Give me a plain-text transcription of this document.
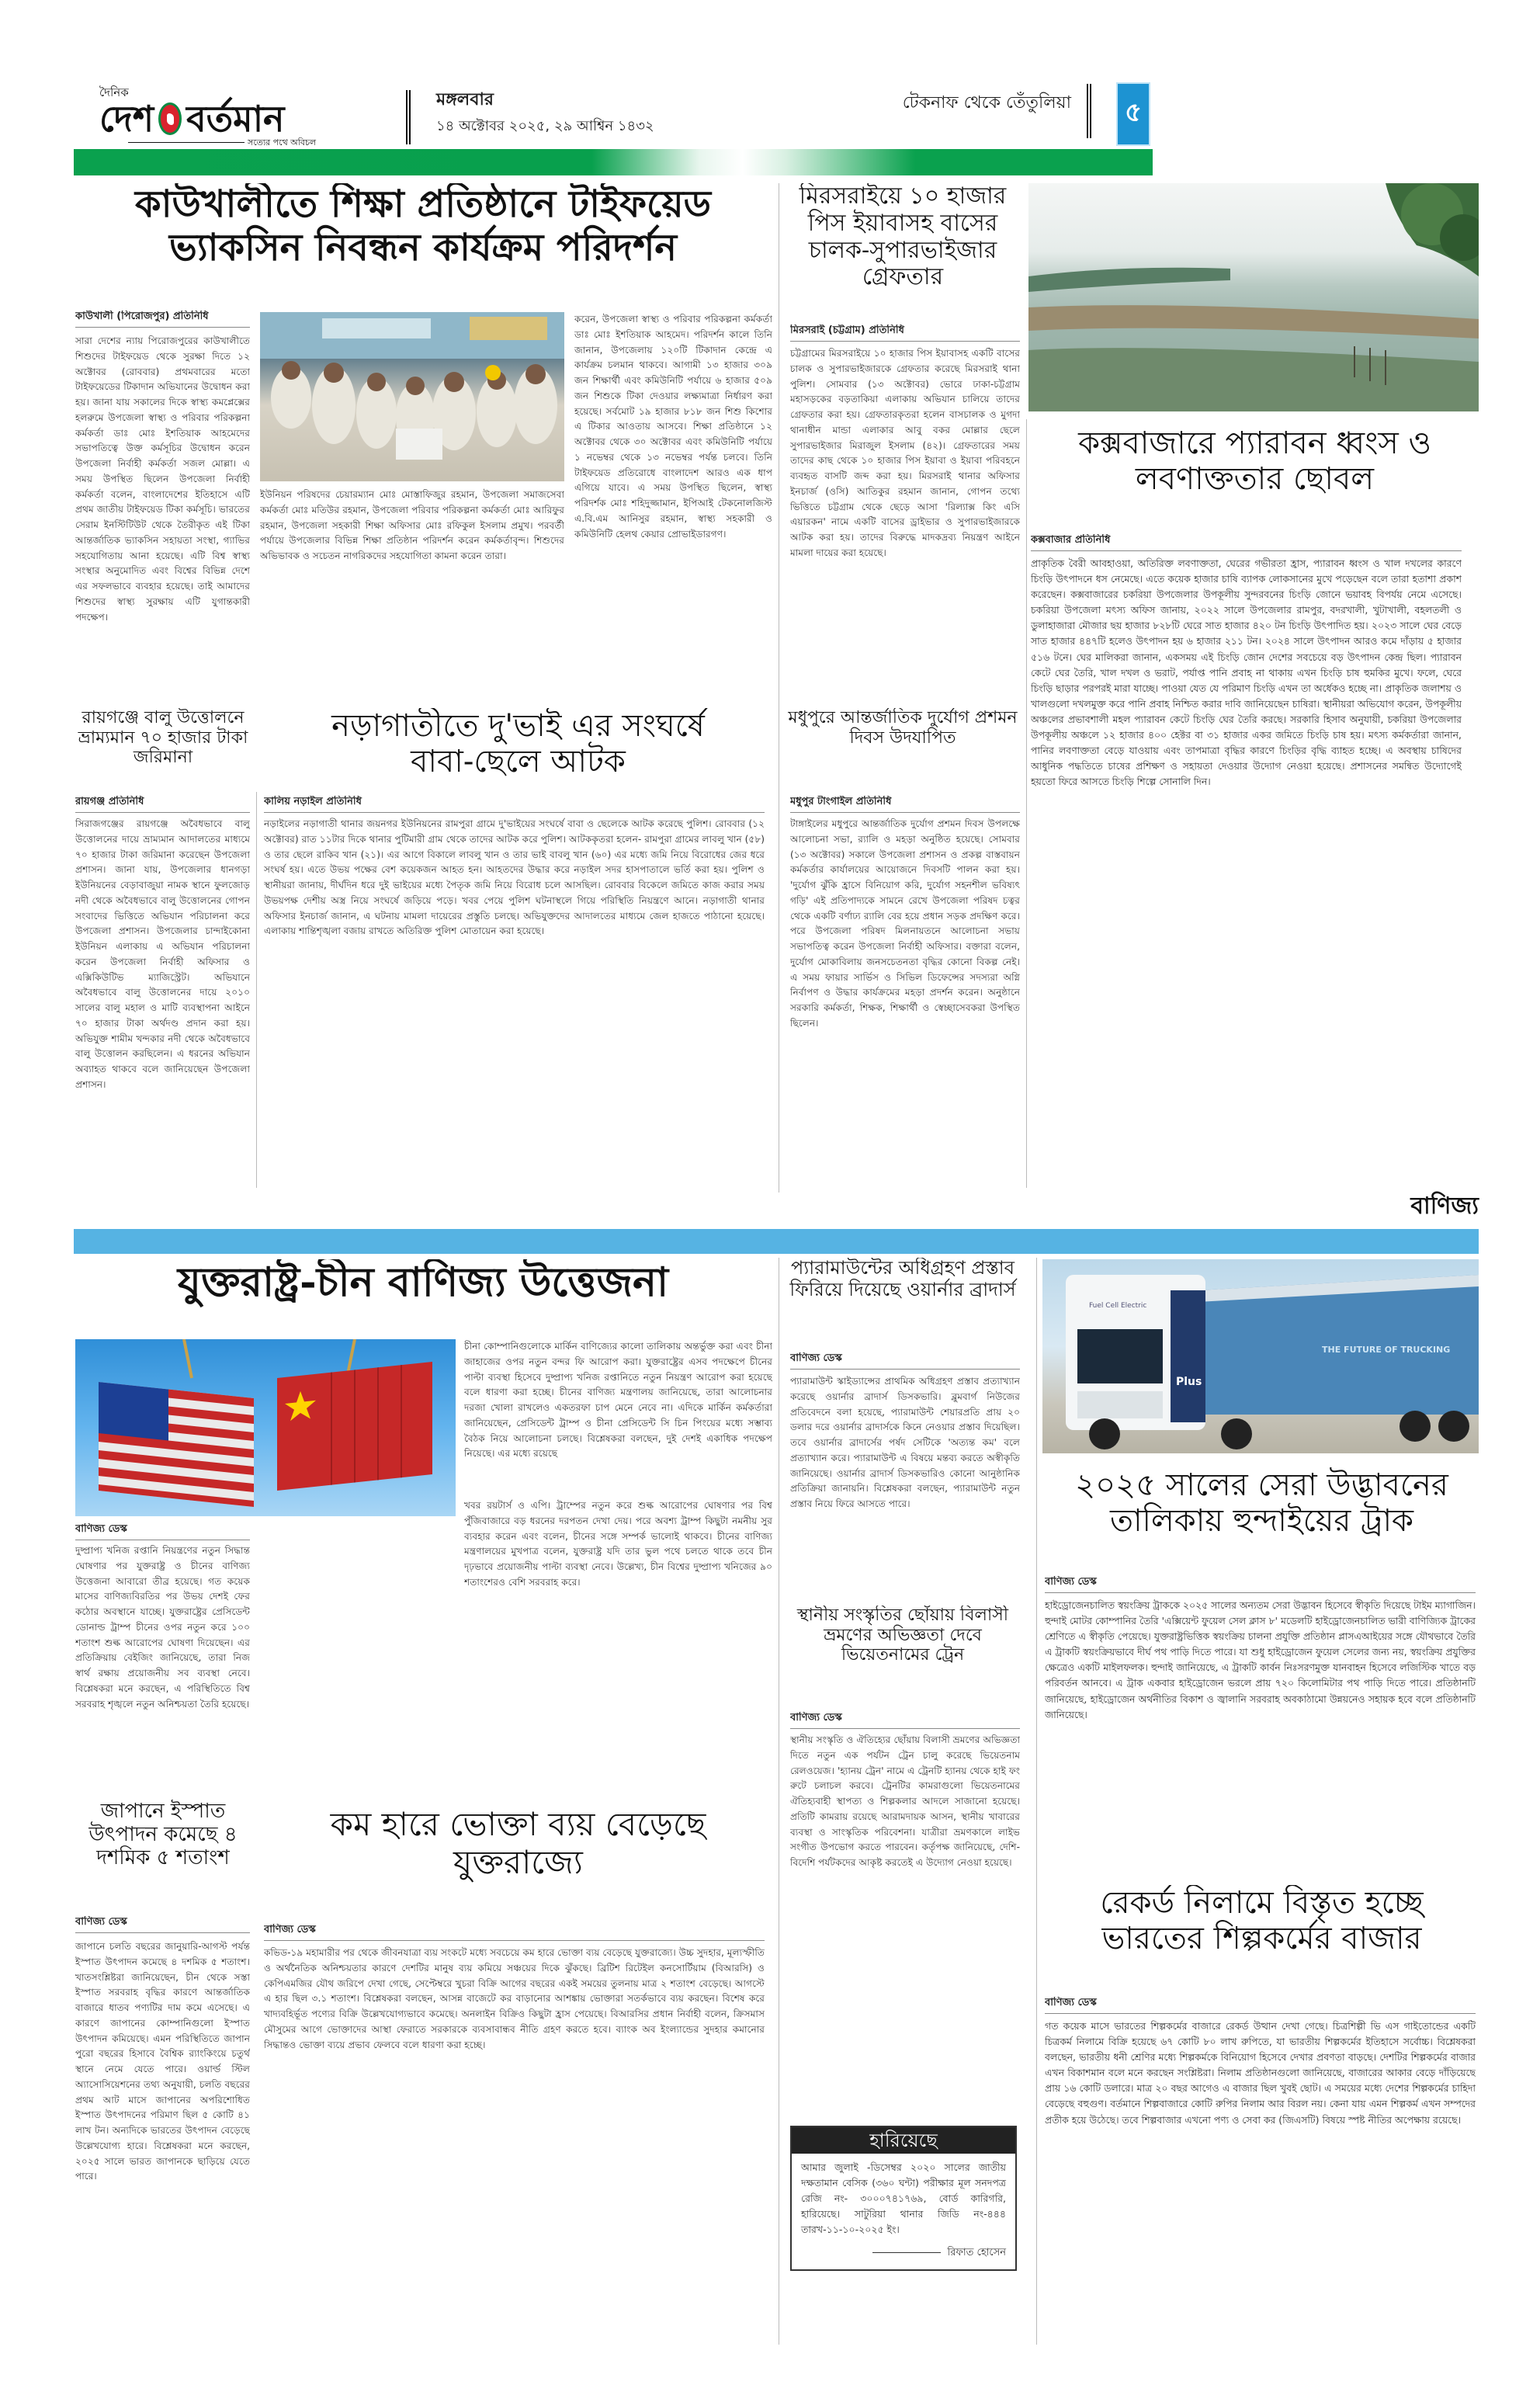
দৈনিক
দেশ বর্তমান
সত্যের পথে অবিচল
মঙ্গলবার
১৪ অক্টোবর ২০২৫, ২৯ আশ্বিন ১৪৩২
টেকনাফ থেকে তেঁতুলিয়া	৫
কাউখালীতে শিক্ষা প্রতিষ্ঠানে টাইফয়েড
ভ্যাকসিন নিবন্ধন কার্যক্রম পরিদর্শন
কাউখালী (পিরোজপুর) প্রতিনিধি
সারা দেশের ন্যায় পিরোজপুরের কাউখালীতে শিশুদের টাইফয়েড থেকে সুরক্ষা দিতে ১২ অক্টোবর (রোববার) প্রথমবারের মতো টাইফয়েডের টিকাদান অভিযানের উদ্বোধন করা হয়। জানা যায় সকালের দিকে স্বাস্থ্য কমপ্লেক্সের হলরুমে উপজেলা স্বাস্থ্য ও পরিবার পরিকল্পনা কর্মকর্তা ডাঃ মোঃ ইশতিয়াক আহমেদের সভাপতিত্বে উক্ত কর্মসূচির উদ্বোধন করেন উপজেলা নির্বাহী কর্মকর্তা সজল মোল্লা। এ সময় উপস্থিত ছিলেন উপজেলা নির্বাহী কর্মকর্তা বলেন, বাংলাদেশের ইতিহাসে এটি প্রথম জাতীয় টাইফয়েড টিকা কর্মসূচি। ভারতের সেরাম ইনস্টিটিউট থেকে তৈরীকৃত এই টিকা আন্তর্জাতিক ভ্যাকসিন সহায়তা সংস্থা, গ্যাভির সহযোগিতায় আনা হয়েছে। এটি বিশ্ব স্বাস্থ্য সংস্থার অনুমোদিত এবং বিশ্বের বিভিন্ন দেশে এর সফলভাবে ব্যবহার হয়েছে। তাই আমাদের শিশুদের স্বাস্থ্য সুরক্ষায় এটি যুগান্তকারী পদক্ষেপ।
ইউনিয়ন পরিষদের চেয়ারম্যান মোঃ মোস্তাফিজুর রহমান, উপজেলা সমাজসেবা কর্মকর্তা মোঃ মতিউর রহমান, উপজেলা পরিবার পরিকল্পনা কর্মকর্তা মোঃ আরিফুর রহমান, উপজেলা সহকারী শিক্ষা অফিসার মোঃ রফিকুল ইসলাম প্রমুখ। পরবর্তী পর্যায়ে উপজেলার বিভিন্ন শিক্ষা প্রতিষ্ঠান পরিদর্শন করেন কর্মকর্তাবৃন্দ। শিশুদের অভিভাবক ও সচেতন নাগরিকদের সহযোগিতা কামনা করেন তারা।
করেন, উপজেলা স্বাস্থ্য ও পরিবার পরিকল্পনা কর্মকর্তা ডাঃ মোঃ ইশতিয়াক আহমেদ। পরিদর্শন কালে তিনি জানান, উপজেলায় ১২০টি টিকাদান কেন্দ্রে এ কার্যক্রম চলমান থাকবে। আগামী ১৩ হাজার ৩০৯ জন শিক্ষার্থী এবং কমিউনিটি পর্যায়ে ৬ হাজার ৫০৯ জন শিশুকে টিকা দেওয়ার লক্ষ্যমাত্রা নির্ধারণ করা হয়েছে। সর্বমোট ১৯ হাজার ৮১৮ জন শিশু কিশোর এ টিকার আওতায় আসবে। শিক্ষা প্রতিষ্ঠানে ১২ অক্টোবর থেকে ৩০ অক্টোবর এবং কমিউনিটি পর্যায়ে ১ নভেম্বর থেকে ১৩ নভেম্বর পর্যন্ত চলবে। তিনি টাইফয়েড প্রতিরোধে বাংলাদেশ আরও এক ধাপ এগিয়ে যাবে। এ সময় উপস্থিত ছিলেন, স্বাস্থ্য পরিদর্শক মোঃ শহিদুজ্জামান, ইপিআই টেকনোলজিস্ট এ.বি.এম আনিসুর রহমান, স্বাস্থ্য সহকারী ও কমিউনিটি হেলথ কেয়ার প্রোভাইডারগণ।
মিরসরাইয়ে ১০ হাজার পিস ইয়াবাসহ বাসের চালক-সুপারভাইজার গ্রেফতার
মিরসরাই (চট্টগ্রাম) প্রতিনিধি
চট্টগ্রামের মিরসরাইয়ে ১০ হাজার পিস ইয়াবাসহ একটি বাসের চালক ও সুপারভাইজারকে গ্রেফতার করেছে মিরসরাই থানা পুলিশ। সোমবার (১৩ অক্টোবর) ভোরে ঢাকা-চট্টগ্রাম মহাসড়কের বড়তাকিয়া এলাকায় অভিযান চালিয়ে তাদের গ্রেফতার করা হয়। গ্রেফতারকৃতরা হলেন বাসচালক ও মুগদা থানাধীন মান্ডা এলাকার আবু বকর মোল্লার ছেলে সুপারভাইজার মিরাজুল ইসলাম (৪২)। গ্রেফতারের সময় তাদের কাছ থেকে ১০ হাজার পিস ইয়াবা ও ইয়াবা পরিবহনে ব্যবহৃত বাসটি জব্দ করা হয়। মিরসরাই থানার অফিসার ইনচার্জ (ওসি) আতিকুর রহমান জানান, গোপন তথ্যে ভিত্তিতে চট্টগ্রাম থেকে ছেড়ে আসা 'রিল্যাক্স কিং এসি এয়ারকন' নামে একটি বাসের ড্রাইভার ও সুপারভাইজারকে আটক করা হয়। তাদের বিরুদ্ধে মাদকদ্রব্য নিয়ন্ত্রণ আইনে মামলা দায়ের করা হয়েছে।
কক্সবাজারে প্যারাবন ধ্বংস ও লবণাক্ততার ছোবল
কক্সবাজার প্রতিনিধি
প্রাকৃতিক বৈরী আবহাওয়া, অতিরিক্ত লবণাক্ততা, ঘেরের গভীরতা হ্রাস, প্যারাবন ধ্বংস ও খাল দখলের কারণে চিংড়ি উৎপাদনে ধস নেমেছে। এতে কয়েক হাজার চাষি ব্যাপক লোকসানের মুখে পড়েছেন বলে তারা হতাশা প্রকাশ করেছেন। কক্সবাজারের চকরিয়া উপজেলার উপকূলীয় সুন্দরবনের চিংড়ি জোনে ভয়াবহ বিপর্যয় নেমে এসেছে। চকরিয়া উপজেলা মৎস্য অফিস জানায়, ২০২২ সালে উপজেলার রামপুর, বদরখালী, খুটাখালী, বহলতলী ও ডুলাহাজারা মৌজার ছয় হাজার ৮২৮টি ঘেরে সাত হাজার ৪২০ টন চিংড়ি উৎপাদিত হয়। ২০২৩ সালে ঘের বেড়ে সাত হাজার ৪৪৭টি হলেও উৎপাদন হয় ৬ হাজার ২১১ টন। ২০২৪ সালে উৎপাদন আরও কমে দাঁড়ায় ৫ হাজার ৫১৬ টনে। ঘের মালিকরা জানান, একসময় এই চিংড়ি জোন দেশের সবচেয়ে বড় উৎপাদন কেন্দ্র ছিল। প্যারাবন কেটে ঘের তৈরি, খাল দখল ও ভরাট, পর্যাপ্ত পানি প্রবাহ না থাকায় এখন চিংড়ি চাষ হুমকির মুখে। ফলে, ঘেরে চিংড়ি ছাড়ার পরপরই মারা যাচ্ছে। পাওয়া যেত যে পরিমাণ চিংড়ি এখন তা অর্ধেকও হচ্ছে না। প্রাকৃতিক জলাশয় ও খালগুলো দখলমুক্ত করে পানি প্রবাহ নিশ্চিত করার দাবি জানিয়েছেন চাষিরা। স্থানীয়রা অভিযোগ করেন, উপকূলীয় অঞ্চলের প্রভাবশালী মহল প্যারাবন কেটে চিংড়ি ঘের তৈরি করছে। সরকারি হিসাব অনুযায়ী, চকরিয়া উপজেলার উপকূলীয় অঞ্চলে ১২ হাজার ৪০০ হেক্টর বা ৩১ হাজার একর জমিতে চিংড়ি চাষ হয়। মৎস্য কর্মকর্তারা জানান, পানির লবণাক্ততা বেড়ে যাওয়ায় এবং তাপমাত্রা বৃদ্ধির কারণে চিংড়ির বৃদ্ধি ব্যাহত হচ্ছে। এ অবস্থায় চাষিদের আধুনিক পদ্ধতিতে চাষের প্রশিক্ষণ ও সহায়তা দেওয়ার উদ্যোগ নেওয়া হয়েছে। প্রশাসনের সমন্বিত উদ্যোগেই হয়তো ফিরে আসতে চিংড়ি শিল্পে সোনালি দিন।
রায়গঞ্জে বালু উত্তোলনে ভ্রাম্যমান ৭০ হাজার টাকা জরিমানা
রায়গঞ্জ প্রতিনিধি
সিরাজগঞ্জের রায়গঞ্জে অবৈধভাবে বালু উত্তোলনের দায়ে ভ্রাম্যমান আদালতের মাধ্যমে ৭০ হাজার টাকা জরিমানা করেছেন উপজেলা প্রশাসন। জানা যায়, উপজেলার ধানগড়া ইউনিয়নের বেড়াবাজুয়া নামক স্থানে ফুলজোড় নদী থেকে অবৈধভাবে বালু উত্তোলনের গোপন সংবাদের ভিত্তিতে অভিযান পরিচালনা করে উপজেলা প্রশাসন। উপজেলার চান্দাইকোনা ইউনিয়ন এলাকায় এ অভিযান পরিচালনা করেন উপজেলা নির্বাহী অফিসার ও এক্সিকিউটিভ ম্যাজিস্ট্রেট। অভিযানে অবৈধভাবে বালু উত্তোলনের দায়ে ২০১০ সালের বালু মহাল ও মাটি ব্যবস্থাপনা আইনে ৭০ হাজার টাকা অর্থদণ্ড প্রদান করা হয়। অভিযুক্ত শামীম খন্দকার নদী থেকে অবৈধভাবে বালু উত্তোলন করছিলেন। এ ধরনের অভিযান অব্যাহত থাকবে বলে জানিয়েছেন উপজেলা প্রশাসন।
নড়াগাতীতে দু'ভাই এর সংঘর্ষে
বাবা-ছেলে আটক
কালিয় নড়াইল প্রতিনিধি
নড়াইলের নড়াগাতী থানার জয়নগর ইউনিয়নের রামপুরা গ্রামে দু'ভাইয়ের সংঘর্ষে বাবা ও ছেলেকে আটক করেছে পুলিশ। রোববার (১২ অক্টোবর) রাত ১১টার দিকে থানার পুটিমারী গ্রাম থেকে তাদের আটক করে পুলিশ। আটককৃতরা হলেন- রামপুরা গ্রামের লাবলু খান (৫৮) ও তার ছেলে রাকিব খান (২১)। এর আগে বিকালে লাবলু খান ও তার ভাই বাবলু খান (৬০) এর মধ্যে জমি নিয়ে বিরোধের জের ধরে সংঘর্ষ হয়। এতে উভয় পক্ষের বেশ কয়েকজন আহত হন। আহতদের উদ্ধার করে নড়াইল সদর হাসপাতালে ভর্তি করা হয়। পুলিশ ও স্থানীয়রা জানায়, দীর্ঘদিন ধরে দুই ভাইয়ের মধ্যে পৈতৃক জমি নিয়ে বিরোধ চলে আসছিল। রোববার বিকেলে জমিতে কাজ করার সময় উভয়পক্ষ দেশীয় অস্ত্র নিয়ে সংঘর্ষে জড়িয়ে পড়ে। খবর পেয়ে পুলিশ ঘটনাস্থলে গিয়ে পরিস্থিতি নিয়ন্ত্রণে আনে। নড়াগাতী থানার অফিসার ইনচার্জ জানান, এ ঘটনায় মামলা দায়েরের প্রস্তুতি চলছে। অভিযুক্তদের আদালতের মাধ্যমে জেল হাজতে পাঠানো হয়েছে। এলাকায় শান্তিশৃঙ্খলা বজায় রাখতে অতিরিক্ত পুলিশ মোতায়েন করা হয়েছে।
মধুপুরে আন্তর্জাতিক দুর্যোগ প্রশমন দিবস উদযাপিত
মধুপুর টাংগাইল প্রতিনিধি
টাঙ্গাইলের মধুপুরে আন্তর্জাতিক দুর্যোগ প্রশমন দিবস উপলক্ষে আলোচনা সভা, র‍্যালি ও মহড়া অনুষ্ঠিত হয়েছে। সোমবার (১৩ অক্টোবর) সকালে উপজেলা প্রশাসন ও প্রকল্প বাস্তবায়ন কর্মকর্তার কার্যালয়ের আয়োজনে দিবসটি পালন করা হয়। 'দুর্যোগ ঝুঁকি হ্রাসে বিনিয়োগ করি, দুর্যোগ সহনশীল ভবিষ্যৎ গড়ি' এই প্রতিপাদ্যকে সামনে রেখে উপজেলা পরিষদ চত্বর থেকে একটি বর্ণাঢ্য র‍্যালি বের হয়ে প্রধান সড়ক প্রদক্ষিণ করে। পরে উপজেলা পরিষদ মিলনায়তনে আলোচনা সভায় সভাপতিত্ব করেন উপজেলা নির্বাহী অফিসার। বক্তারা বলেন, দুর্যোগ মোকাবিলায় জনসচেতনতা বৃদ্ধির কোনো বিকল্প নেই। এ সময় ফায়ার সার্ভিস ও সিভিল ডিফেন্সের সদস্যরা অগ্নি নির্বাপণ ও উদ্ধার কার্যক্রমের মহড়া প্রদর্শন করেন। অনুষ্ঠানে সরকারি কর্মকর্তা, শিক্ষক, শিক্ষার্থী ও স্বেচ্ছাসেবকরা উপস্থিত ছিলেন।
বাণিজ্য
যুক্তরাষ্ট্র-চীন বাণিজ্য উত্তেজনা
চীনা কোম্পানিগুলোকে মার্কিন বাণিজ্যের কালো তালিকায় অন্তর্ভুক্ত করা এবং চীনা জাহাজের ওপর নতুন বন্দর ফি আরোপ করা। যুক্তরাষ্ট্রের এসব পদক্ষেপে চীনের পাল্টা ব্যবস্থা হিসেবে দুষ্প্রাপ্য খনিজ রপ্তানিতে নতুন নিয়ন্ত্রণ আরোপ করা হয়েছে বলে ধারণা করা হচ্ছে। চীনের বাণিজ্য মন্ত্রণালয় জানিয়েছে, তারা আলোচনার দরজা খোলা রাখলেও একতরফা চাপ মেনে নেবে না। এদিকে মার্কিন কর্মকর্তারা জানিয়েছেন, প্রেসিডেন্ট ট্রাম্প ও চীনা প্রেসিডেন্ট সি চিন পিংয়ের মধ্যে সম্ভাব্য বৈঠক নিয়ে আলোচনা চলছে। বিশ্লেষকরা বলছেন, দুই দেশই একাধিক পদক্ষেপ নিয়েছে। এর মধ্যে রয়েছে
বাণিজ্য ডেস্ক
দুষ্প্রাপ্য খনিজ রপ্তানি নিয়ন্ত্রণের নতুন সিদ্ধান্ত ঘোষণার পর যুক্তরাষ্ট্র ও চীনের বাণিজ্য উত্তেজনা আবারো তীব্র হয়েছে। গত কয়েক মাসের বাণিজ্যবিরতির পর উভয় দেশই ফের কঠোর অবস্থানে যাচ্ছে। যুক্তরাষ্ট্রের প্রেসিডেন্ট ডোনাল্ড ট্রাম্প চীনের ওপর নতুন করে ১০০ শতাংশ শুল্ক আরোপের ঘোষণা দিয়েছেন। এর প্রতিক্রিয়ায় বেইজিং জানিয়েছে, তারা নিজ স্বার্থ রক্ষায় প্রয়োজনীয় সব ব্যবস্থা নেবে। বিশ্লেষকরা মনে করছেন, এ পরিস্থিতিতে বিশ্ব সরবরাহ শৃঙ্খলে নতুন অনিশ্চয়তা তৈরি হয়েছে।
খবর রয়টার্স ও এপি। ট্রাম্পের নতুন করে শুল্ক আরোপের ঘোষণার পর বিশ্ব পুঁজিবাজারে বড় ধরনের দরপতন দেখা দেয়। পরে অবশ্য ট্রাম্প কিছুটা নমনীয় সুর ব্যবহার করেন এবং বলেন, চীনের সঙ্গে সম্পর্ক ভালোই থাকবে। চীনের বাণিজ্য মন্ত্রণালয়ের মুখপাত্র বলেন, যুক্তরাষ্ট্র যদি তার ভুল পথে চলতে থাকে তবে চীন দৃঢ়ভাবে প্রয়োজনীয় পাল্টা ব্যবস্থা নেবে। উল্লেখ্য, চীন বিশ্বের দুষ্প্রাপ্য খনিজের ৯০ শতাংশেরও বেশি সরবরাহ করে।
প্যারামাউন্টের অধিগ্রহণ প্রস্তাব ফিরিয়ে দিয়েছে ওয়ার্নার ব্রাদার্স
বাণিজ্য ডেস্ক
প্যারামাউন্ট স্কাইড্যান্সের প্রাথমিক অধিগ্রহণ প্রস্তাব প্রত্যাখ্যান করেছে ওয়ার্নার ব্রাদার্স ডিসকভারি। ব্লুমবার্গ নিউজের প্রতিবেদনে বলা হয়েছে, প্যারামাউন্ট শেয়ারপ্রতি প্রায় ২০ ডলার দরে ওয়ার্নার ব্রাদার্সকে কিনে নেওয়ার প্রস্তাব দিয়েছিল। তবে ওয়ার্নার ব্রাদার্সের পর্ষদ সেটিকে 'অত্যন্ত কম' বলে প্রত্যাখ্যান করে। প্যারামাউন্ট এ বিষয়ে মন্তব্য করতে অস্বীকৃতি জানিয়েছে। ওয়ার্নার ব্রাদার্স ডিসকভারিও কোনো আনুষ্ঠানিক প্রতিক্রিয়া জানায়নি। বিশ্লেষকরা বলছেন, প্যারামাউন্ট নতুন প্রস্তাব নিয়ে ফিরে আসতে পারে।
Plus
Fuel Cell Electric
THE FUTURE OF TRUCKING
২০২৫ সালের সেরা উদ্ভাবনের তালিকায় হুন্দাইয়ের ট্রাক
বাণিজ্য ডেস্ক
হাইড্রোজেনচালিত স্বয়ংক্রিয় ট্রাককে ২০২৫ সালের অন্যতম সেরা উদ্ভাবন হিসেবে স্বীকৃতি দিয়েছে টাইম ম্যাগাজিন। হুন্দাই মোটর কোম্পানির তৈরি 'এক্সিয়েন্ট ফুয়েল সেল ক্লাস ৮' মডেলটি হাইড্রোজেনচালিত ভারী বাণিজ্যিক ট্রাকের শ্রেণিতে এ স্বীকৃতি পেয়েছে। যুক্তরাষ্ট্রভিত্তিক স্বয়ংক্রিয় চালনা প্রযুক্তি প্রতিষ্ঠান প্লাসএআইয়ের সঙ্গে যৌথভাবে তৈরি এ ট্রাকটি স্বয়ংক্রিয়ভাবে দীর্ঘ পথ পাড়ি দিতে পারে। যা শুধু হাইড্রোজেন ফুয়েল সেলের জন্য নয়, স্বয়ংক্রিয় প্রযুক্তির ক্ষেত্রেও একটি মাইলফলক। হুন্দাই জানিয়েছে, এ ট্রাকটি কার্বন নিঃসরণমুক্ত যানবাহন হিসেবে লজিস্টিক খাতে বড় পরিবর্তন আনবে। এ ট্রাক একবার হাইড্রোজেন ভরলে প্রায় ৭২০ কিলোমিটার পথ পাড়ি দিতে পারে। প্রতিষ্ঠানটি জানিয়েছে, হাইড্রোজেন অর্থনীতির বিকাশ ও জ্বালানি সরবরাহ অবকাঠামো উন্নয়নেও সহায়ক হবে বলে প্রতিষ্ঠানটি জানিয়েছে।
স্থানীয় সংস্কৃতির ছোঁয়ায় বিলাসী ভ্রমণের অভিজ্ঞতা দেবে ভিয়েতনামের ট্রেন
বাণিজ্য ডেস্ক
স্থানীয় সংস্কৃতি ও ঐতিহ্যের ছোঁয়ায় বিলাসী ভ্রমণের অভিজ্ঞতা দিতে নতুন এক পর্যটন ট্রেন চালু করেছে ভিয়েতনাম রেলওয়েজ। 'হ্যানয় ট্রেন' নামে এ ট্রেনটি হ্যানয় থেকে হাই ফং রুটে চলাচল করবে। ট্রেনটির কামরাগুলো ভিয়েতনামের ঐতিহ্যবাহী স্থাপত্য ও শিল্পকলার আদলে সাজানো হয়েছে। প্রতিটি কামরায় রয়েছে আরামদায়ক আসন, স্থানীয় খাবারের ব্যবস্থা ও সাংস্কৃতিক পরিবেশনা। যাত্রীরা ভ্রমণকালে লাইভ সংগীত উপভোগ করতে পারবেন। কর্তৃপক্ষ জানিয়েছে, দেশি-বিদেশি পর্যটকদের আকৃষ্ট করতেই এ উদ্যোগ নেওয়া হয়েছে।
জাপানে ইস্পাত উৎপাদন কমেছে ৪ দশমিক ৫ শতাংশ
বাণিজ্য ডেস্ক
জাপানে চলতি বছরের জানুয়ারি-আগস্ট পর্যন্ত ইস্পাত উৎপাদন কমেছে ৪ দশমিক ৫ শতাংশ। খাতসংশ্লিষ্টরা জানিয়েছেন, চীন থেকে সস্তা ইস্পাত সরবরাহ বৃদ্ধির কারণে আন্তর্জাতিক বাজারে ধাতব পণ্যটির দাম কমে এসেছে। এ কারণে জাপানের কোম্পানিগুলো ইস্পাত উৎপাদন কমিয়েছে। এমন পরিস্থিতিতে জাপান পুরো বছরের হিসাবে বৈশ্বিক র‍্যাংকিংয়ে চতুর্থ স্থানে নেমে যেতে পারে। ওয়ার্ল্ড স্টিল অ্যাসোসিয়েশনের তথ্য অনুযায়ী, চলতি বছরের প্রথম আট মাসে জাপানের অপরিশোধিত ইস্পাত উৎপাদনের পরিমাণ ছিল ৫ কোটি ৪১ লাখ টন। অন্যদিকে ভারতের উৎপাদন বেড়েছে উল্লেখযোগ্য হারে। বিশ্লেষকরা মনে করছেন, ২০২৫ সালে ভারত জাপানকে ছাড়িয়ে যেতে পারে।
কম হারে ভোক্তা ব্যয় বেড়েছে যুক্তরাজ্যে
বাণিজ্য ডেস্ক
কভিড-১৯ মহামারীর পর থেকে জীবনযাত্রা ব্যয় সংকটে মধ্যে সবচেয়ে কম হারে ভোক্তা ব্যয় বেড়েছে যুক্তরাজ্যে। উচ্চ সুদহার, মূল্যস্ফীতি ও অর্থনৈতিক অনিশ্চয়তার কারণে দেশটির মানুষ ব্যয় কমিয়ে সঞ্চয়ের দিকে ঝুঁকছে। ব্রিটিশ রিটেইল কনসোর্টিয়াম (বিআরসি) ও কেপিএমজির যৌথ জরিপে দেখা গেছে, সেপ্টেম্বরে খুচরা বিক্রি আগের বছরের একই সময়ের তুলনায় মাত্র ২ শতাংশ বেড়েছে। আগস্টে এ হার ছিল ৩.১ শতাংশ। বিশ্লেষকরা বলছেন, আসন্ন বাজেটে কর বাড়ানোর আশঙ্কায় ভোক্তারা সতর্কভাবে ব্যয় করছেন। বিশেষ করে খাদ্যবহির্ভূত পণ্যের বিক্রি উল্লেখযোগ্যভাবে কমেছে। অনলাইন বিক্রিও কিছুটা হ্রাস পেয়েছে। বিআরসির প্রধান নির্বাহী বলেন, ক্রিসমাস মৌসুমের আগে ভোক্তাদের আস্থা ফেরাতে সরকারকে ব্যবসাবান্ধব নীতি গ্রহণ করতে হবে। ব্যাংক অব ইংল্যান্ডের সুদহার কমানোর সিদ্ধান্তও ভোক্তা ব্যয়ে প্রভাব ফেলবে বলে ধারণা করা হচ্ছে।
রেকর্ড নিলামে বিস্তৃত হচ্ছে ভারতের শিল্পকর্মের বাজার
বাণিজ্য ডেস্ক
গত কয়েক মাসে ভারতের শিল্পকর্মের বাজারে রেকর্ড উত্থান দেখা গেছে। চিত্রশিল্পী ভি এস গাইতোন্ডের একটি চিত্রকর্ম নিলামে বিক্রি হয়েছে ৬৭ কোটি ৮০ লাখ রুপিতে, যা ভারতীয় শিল্পকর্মের ইতিহাসে সর্বোচ্চ। বিশ্লেষকরা বলছেন, ভারতীয় ধনী শ্রেণির মধ্যে শিল্পকর্মকে বিনিয়োগ হিসেবে দেখার প্রবণতা বাড়ছে। দেশটির শিল্পকর্মের বাজার এখন বিকাশমান বলে মনে করছেন সংশ্লিষ্টরা। নিলাম প্রতিষ্ঠানগুলো জানিয়েছে, বাজারের আকার বেড়ে দাঁড়িয়েছে প্রায় ১৬ কোটি ডলারে। মাত্র ২০ বছর আগেও এ বাজার ছিল খুবই ছোট। এ সময়ের মধ্যে দেশের শিল্পকর্মের চাহিদা বেড়েছে বহুগুণ। বর্তমানে শিল্পবাজারে কোটি রুপির নিলাম আর বিরল নয়। কেনা যায় এমন শিল্পকর্ম এখন সম্পদের প্রতীক হয়ে উঠেছে। তবে শিল্পবাজার এখনো পণ্য ও সেবা কর (জিএসটি) বিষয়ে স্পষ্ট নীতির অপেক্ষায় রয়েছে।
হারিয়েছে
আমার জুলাই -ডিসেম্বর ২০২০ সালের জাতীয় দক্ষতামান বেসিক (৩৬০ ঘন্টা) পরীক্ষার মূল সনদপত্র রেজি নং- ৩০০০৭৪১৭৬৯, বোর্ড কারিগরি, হারিয়েছে। সাটুরিয়া থানার জিডি নং-৪৪৪ তারখ-১১-১০-২০২৫ ইং।
রিফাত হোসেন
